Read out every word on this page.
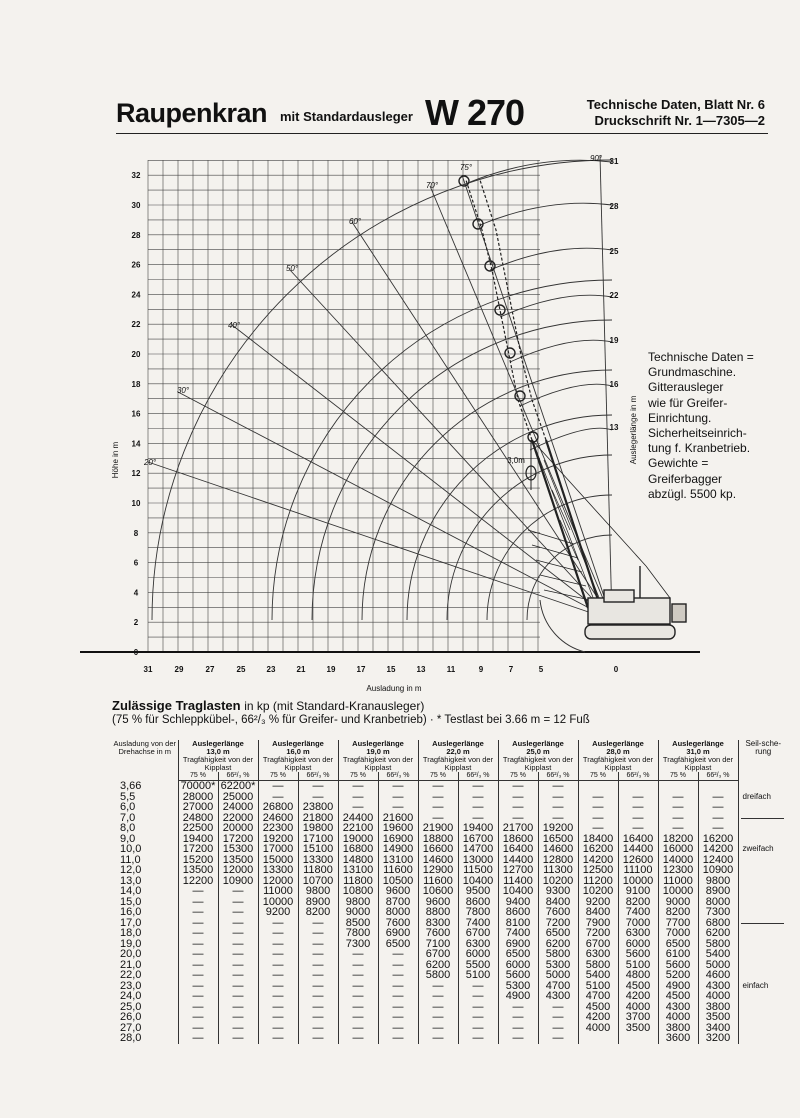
Raupenkran mit Standardausleger W 270	Technische Daten, Blatt Nr. 6
Druckschrift Nr. 1—7305—2
0
2
4
6
8
10
12
14
16
18
20
22
24
26
28
30
32
31	29	27	25	23	21	19	17	15	13	11	9	7	5	0
Ausladung in m
Höhe in m	Auslegerlänge in m
31
28
25
22
19
16
13
20°
30°
40°
50°
60°
70°
75°
90°
3,0m
Technische Daten =
Grundmaschine.
Gitterausleger
wie für Greifer-
Einrichtung.
Sicherheitseinrich-
tung f. Kranbetrieb.
Gewichte =
Greiferbagger
abzügl. 5500 kp.
Zulässige Traglasten in kp (mit Standard-Kranausleger)
(75 % für Schleppkübel-, 66²/₃ % für Greifer- und Kranbetrieb) · * Testlast bei 3.66 m = 12 Fuß
Ausladung von der Drehachse in m	Auslegerlänge
13,0 m
Tragfähigkeit von der Kipplast		Auslegerlänge
16,0 m
Tragfähigkeit von der Kipplast		Auslegerlänge
19,0 m
Tragfähigkeit von der Kipplast		Auslegerlänge
22,0 m
Tragfähigkeit von der Kipplast		Auslegerlänge
25,0 m
Tragfähigkeit von der Kipplast		Auslegerlänge
28,0 m
Tragfähigkeit von der Kipplast		Auslegerlänge
31,0 m
Tragfähigkeit von der Kipplast		Seil-sche-rung
	75 %	66²/₃ %	75 %	66²/₃ %	75 %	66²/₃ %	75 %	66²/₃ %	75 %	66²/₃ %	75 %	66²/₃ %	75 %	66²/₃ %	
3,66	70000*	62200*	—	—	—	—	—	—	—	—					
5,5	28000	25000	—	—	—	—	—	—	—	—	—	—	—	—	dreifach
6,0	27000	24000	26800	23800	—	—	—	—	—	—	—	—	—	—	
7,0	24800	22000	24600	21800	24400	21600	—	—	—	—	—	—	—	—	

8,0	22500	20000	22300	19800	22100	19600	21900	19400	21700	19200	—	—	—	—	
9,0	19400	17200	19200	17100	19000	16900	18800	16700	18600	16500	18400	16400	18200	16200	
10,0	17200	15300	17000	15100	16800	14900	16600	14700	16400	14600	16200	14400	16000	14200	zweifach
11,0	15200	13500	15000	13300	14800	13100	14600	13000	14400	12800	14200	12600	14000	12400	
12,0	13500	12000	13300	11800	13100	11600	12900	11500	12700	11300	12500	11100	12300	10900	
13,0	12200	10900	12000	10700	11800	10500	11600	10400	11400	10200	11200	10000	11000	9800	
14,0	—	—	11000	9800	10800	9600	10600	9500	10400	9300	10200	9100	10000	8900	
15,0	—	—	10000	8900	9800	8700	9600	8600	9400	8400	9200	8200	9000	8000	
16,0	—	—	9200	8200	9000	8000	8800	7800	8600	7600	8400	7400	8200	7300	
17,0	—	—	—	—	8500	7600	8300	7400	8100	7200	7900	7000	7700	6800	

18,0	—	—	—	—	7800	6900	7600	6700	7400	6500	7200	6300	7000	6200	
19,0	—	—	—	—	7300	6500	7100	6300	6900	6200	6700	6000	6500	5800	
20,0	—	—	—	—	—	—	6700	6000	6500	5800	6300	5600	6100	5400	
21,0	—	—	—	—	—	—	6200	5500	6000	5300	5800	5100	5600	5000	
22,0	—	—	—	—	—	—	5800	5100	5600	5000	5400	4800	5200	4600	
23,0	—	—	—	—	—	—	—	—	5300	4700	5100	4500	4900	4300	einfach
24,0	—	—	—	—	—	—	—	—	4900	4300	4700	4200	4500	4000	
25,0	—	—	—	—	—	—	—	—	—	—	4500	4000	4300	3800	
26,0	—	—	—	—	—	—	—	—	—	—	4200	3700	4000	3500	
27,0	—	—	—	—	—	—	—	—	—	—	4000	3500	3800	3400	
28,0	—	—	—	—	—	—	—	—	—	—			3600	3200	
